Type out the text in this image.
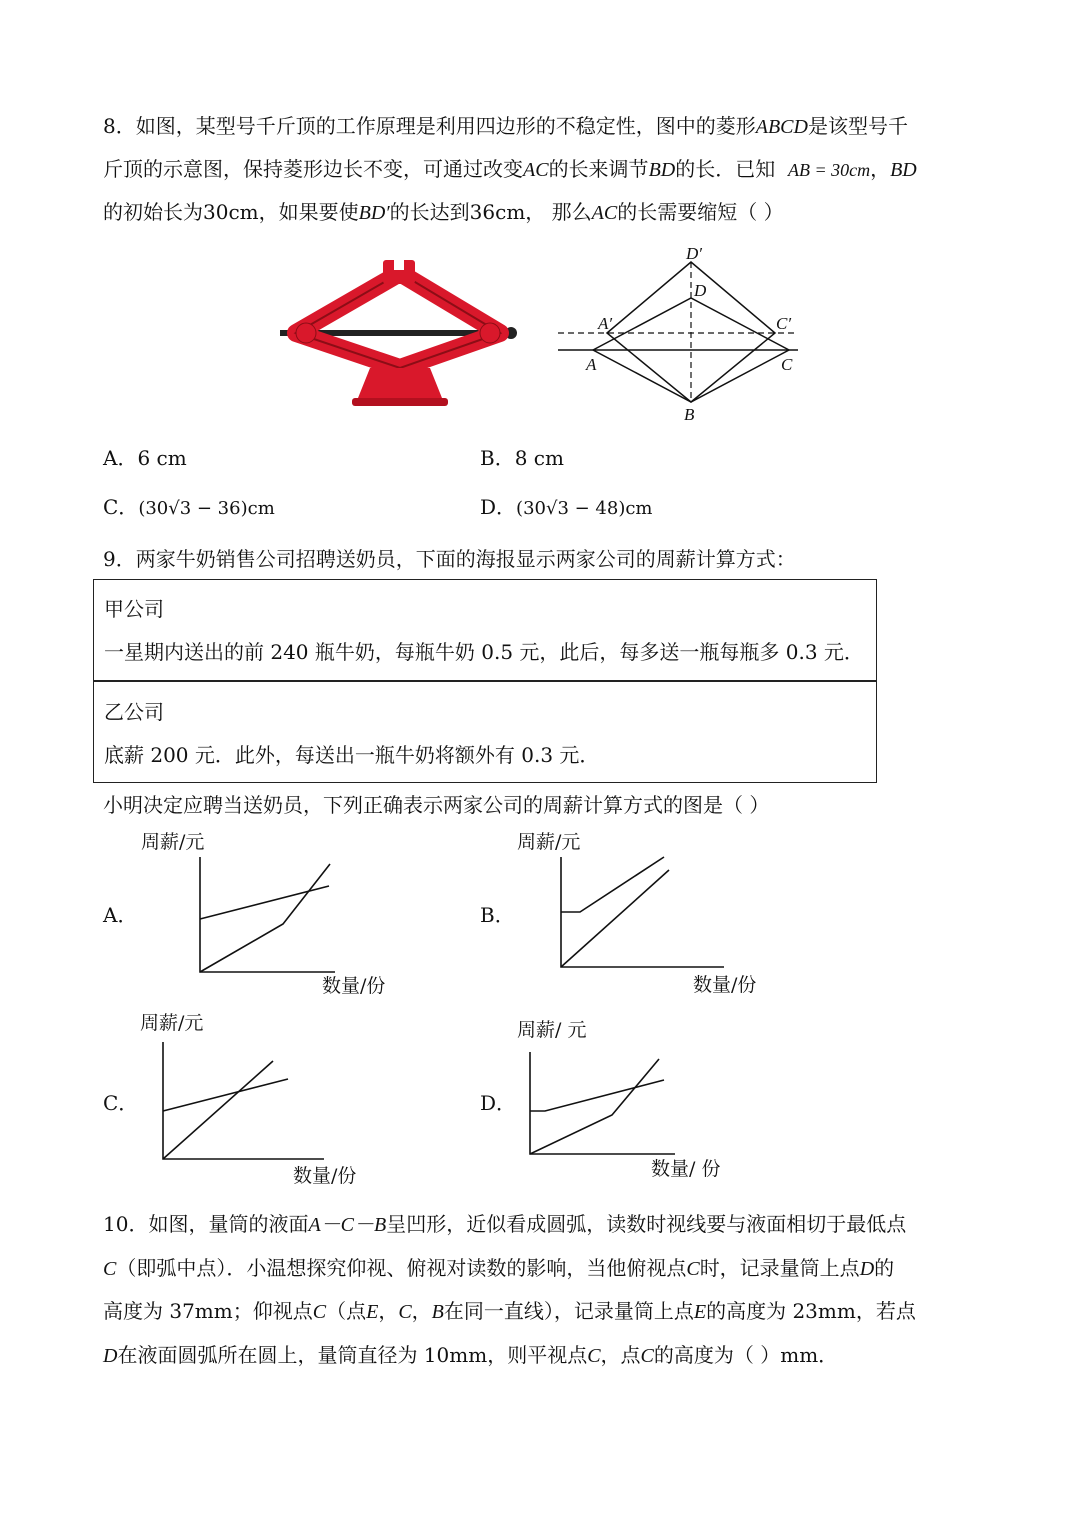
8．如图，某型号千斤顶的工作原理是利用四边形的不稳定性，图中的菱形ABCD是该型号千
斤顶的示意图，保持菱形边长不变，可通过改变AC的长来调节BD的长．已知 AB = 30cm，BD
的初始长为30cm，如果要使BD′的长达到36cm， 那么AC的长需要缩短（ ）
D′
D
A′	C′
A	C
B
A．6 cm	B．8 cm
C．(30√3 − 36)cm	D．(30√3 − 48)cm
9．两家牛奶销售公司招聘送奶员，下面的海报显示两家公司的周薪计算方式：
甲公司
一星期内送出的前 240 瓶牛奶，每瓶牛奶 0.5 元，此后，每多送一瓶每瓶多 0.3 元．
乙公司
底薪 200 元．此外，每送出一瓶牛奶将额外有 0.3 元．
小明决定应聘当送奶员，下列正确表示两家公司的周薪计算方式的图是（ ）
A．
周薪/元
数量/份
B．
周薪/元
数量/份
C．
周薪/元
数量/份
D．
周薪/ 元
数量/ 份
10．如图，量筒的液面A－C－B呈凹形，近似看成圆弧，读数时视线要与液面相切于最低点
C（即弧中点）．小温想探究仰视、俯视对读数的影响，当他俯视点C时，记录量筒上点D的
高度为 37mm；仰视点C（点E，C，B在同一直线），记录量筒上点E的高度为 23mm，若点
D在液面圆弧所在圆上，量筒直径为 10mm，则平视点C，点C的高度为（ ）mm．
